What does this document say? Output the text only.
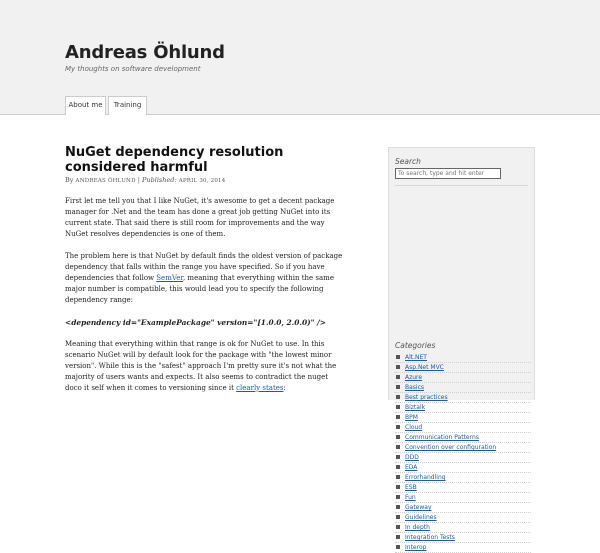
Andreas Öhlund
My thoughts on software development
About me	Training
NuGet dependency resolution considered harmful
By ANDREAS ÖHLUND | Published: APRIL 30, 2014

First let me tell you that I like NuGet, it's awesome to get a decent package manager for .Net and the team has done a great job getting NuGet into its current state. That said there is still room for improvements and the way NuGet resolves dependencies is one of them.

The problem here is that NuGet by default finds the oldest version of package dependency that falls within the range you have specified. So if you have dependencies that follow SemVer, meaning that everything within the same major number is compatible, this would lead you to specify the following dependency range:

<dependency id="ExamplePackage" version="[1.0.0, 2.0.0)" />

Meaning that everything within that range is ok for NuGet to use. In this scenario NuGet will by default look for the package with "the lowest minor version". While this is the "safest" approach I'm pretty sure it's not what the majority of users wants and expects. It also seems to contradict the nuget doco it self when it comes to versioning since it clearly states:

Search
To search, type and hit enter
Categories
Alt.NET
Asp.Net MVC
Azure
Basics
Best practices
Biztalk
BPM
Cloud
Communication Patterns
Convention over configuration
DDD
EDA
Errorhandling
ESB
Fun
Gateway
Guidelines
In depth
Integration Tests
Interop
